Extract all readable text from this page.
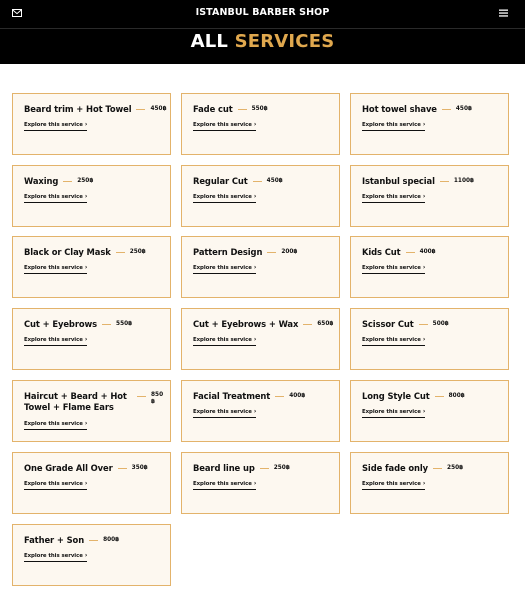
ISTANBUL BARBER SHOP
ALL SERVICES
Beard trim + Hot Towel	450฿
Explore this service ›
Fade cut	550฿
Explore this service ›
Hot towel shave	450฿
Explore this service ›
Waxing	250฿
Explore this service ›
Regular Cut	450฿
Explore this service ›
Istanbul special	1100฿
Explore this service ›
Black or Clay Mask	250฿
Explore this service ›
Pattern Design	200฿
Explore this service ›
Kids Cut	400฿
Explore this service ›
Cut + Eyebrows	550฿
Explore this service ›
Cut + Eyebrows + Wax	650฿
Explore this service ›
Scissor Cut	500฿
Explore this service ›
Haircut + Beard + Hot Towel + Flame Ears
850 ฿
Explore this service ›
Facial Treatment	400฿
Explore this service ›
Long Style Cut	800฿
Explore this service ›
One Grade All Over	350฿
Explore this service ›
Beard line up	250฿
Explore this service ›
Side fade only	250฿
Explore this service ›
Father + Son	800฿
Explore this service ›
